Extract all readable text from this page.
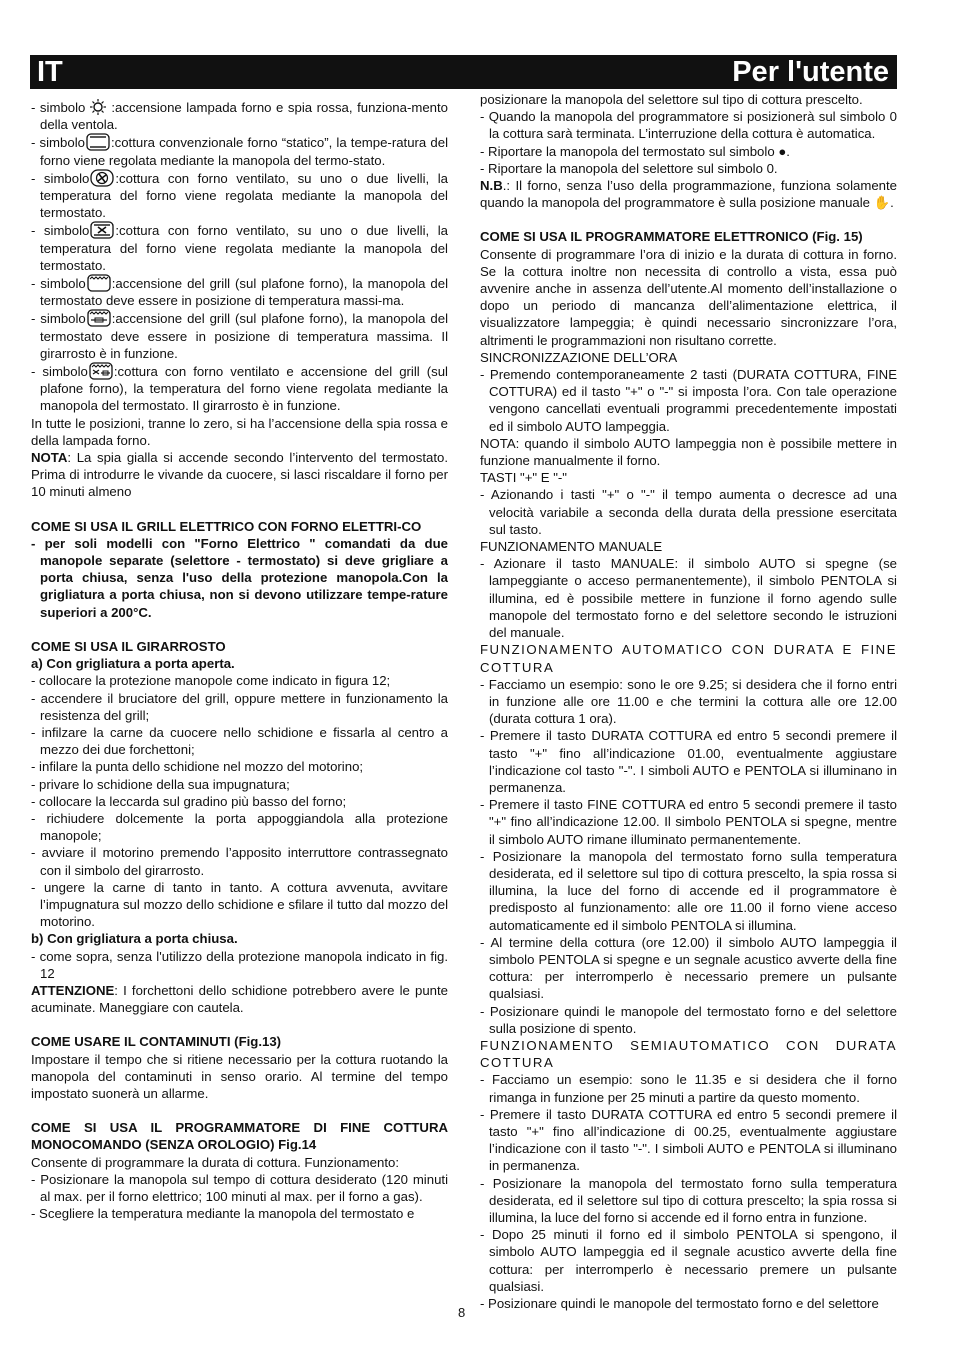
IT	Per l'utente

- simbolo :accensione lampada forno e spia rossa, funziona-mento della ventola.

- simbolo :cottura convenzionale forno “statico”, la tempe-ratura del forno viene regolata mediante la manopola del termo-stato.

- simbolo :cottura con forno ventilato, su uno o due livelli, la temperatura del forno viene regolata mediante la manopola del termostato.

- simbolo :cottura con forno ventilato, su uno o due livelli, la temperatura del forno viene regolata mediante la manopola del termostato.

- simbolo :accensione del grill (sul plafone forno), la manopola del termostato deve essere in posizione di temperatura massi-ma.

- simbolo :accensione del grill (sul plafone forno), la manopola del termostato deve essere in posizione di temperatura massima. Il girarrosto è in funzione.

- simbolo :cottura con forno ventilato e accensione del grill (sul plafone forno), la temperatura del forno viene regolata mediante la manopola del termostato. Il girarrosto è in funzione.

In tutte le posizioni, tranne lo zero, si ha l’accensione della spia rossa e della lampada forno.

NOTA: La spia gialla si accende secondo l’intervento del termostato. Prima di introdurre le vivande da cuocere, si lasci riscaldare il forno per 10 minuti almeno

COME SI USA IL GRILL ELETTRICO CON FORNO ELETTRI-CO

- per soli modelli con "Forno Elettrico " comandati da due manopole separate (selettore - termostato) si deve grigliare a porta chiusa, senza l'uso della protezione manopola.Con la grigliatura a porta chiusa, non si devono utilizzare tempe-rature superiori a 200°C.

COME SI USA IL GIRARROSTO

a) Con grigliatura a porta aperta.

- collocare la protezione manopole come indicato in figura 12;

- accendere il bruciatore del grill, oppure mettere in funzionamento la resistenza del grill;

- infilzare la carne da cuocere nello schidione e fissarla al centro a mezzo dei due forchettoni;

- infilare la punta dello schidione nel mozzo del motorino;

- privare lo schidione della sua impugnatura;

- collocare la leccarda sul gradino più basso del forno;

- richiudere dolcemente la porta appoggiandola alla protezione manopole;

- avviare il motorino premendo l’apposito interruttore contrassegnato con il simbolo del girarrosto.

- ungere la carne di tanto in tanto. A cottura avvenuta, avvitare l’impugnatura sul mozzo dello schidione e sfilare il tutto dal mozzo del motorino.

b) Con grigliatura a porta chiusa.

- come sopra, senza l'utilizzo della protezione manopola indicato in fig. 12

ATTENZIONE: I forchettoni dello schidione potrebbero avere le punte acuminate. Maneggiare con cautela.

COME USARE IL CONTAMINUTI (Fig.13)

Impostare il tempo che si ritiene necessario per la cottura ruotando la manopola del contaminuti in senso orario. Al termine del tempo impostato suonerà un allarme.

COME SI USA IL PROGRAMMATORE DI FINE COTTURA MONOCOMANDO (SENZA OROLOGIO) Fig.14

Consente di programmare la durata di cottura. Funzionamento:

- Posizionare la manopola sul tempo di cottura desiderato (120 minuti al max. per il forno elettrico; 100 minuti al max. per il forno a gas).

- Scegliere la temperatura mediante la manopola del termostato e

posizionare la manopola del selettore sul tipo di cottura prescelto.

- Quando la manopola del programmatore si posizionerà sul simbolo 0 la cottura sarà terminata. L’interruzione della cottura è automatica.

- Riportare la manopola del termostato sul simbolo ●.

- Riportare la manopola del selettore sul simbolo 0.

N.B.: Il forno, senza l’uso della programmazione, funziona solamente quando la manopola del programmatore è sulla posizione manuale ✋.

COME SI USA IL PROGRAMMATORE ELETTRONICO (Fig. 15)

Consente di programmare l’ora di inizio e la durata di cottura in forno. Se la cottura inoltre non necessita di controllo a vista, essa può avvenire anche in assenza dell’utente.Al momento dell’installazione o dopo un periodo di mancanza dell’alimentazione elettrica, il visualizzatore lampeggia; è quindi necessario sincronizzare l’ora, altrimenti le programmazioni non risultano corrette.

SINCRONIZZAZIONE DELL’ORA

- Premendo contemporaneamente 2 tasti (DURATA COTTURA, FINE COTTURA) ed il tasto "+" o "-" si imposta l’ora. Con tale operazione vengono cancellati eventuali programmi precedentemente impostati ed il simbolo AUTO lampeggia.

NOTA: quando il simbolo AUTO lampeggia non è possibile mettere in funzione manualmente il forno.

TASTI "+" E "-"

- Azionando i tasti "+" o "-" il tempo aumenta o decresce ad una velocità variabile a seconda della durata della pressione esercitata sul tasto.

FUNZIONAMENTO MANUALE

- Azionare il tasto MANUALE: il simbolo AUTO si spegne (se lampeggiante o acceso permanentemente), il simbolo PENTOLA si illumina, ed è possibile mettere in funzione il forno agendo sulle manopole del termostato forno e del selettore secondo le istruzioni del manuale.

FUNZIONAMENTO AUTOMATICO CON DURATA E FINE COTTURA

- Facciamo un esempio: sono le ore 9.25; si desidera che il forno entri in funzione alle ore 11.00 e che termini la cottura alle ore 12.00 (durata cottura 1 ora).

- Premere il tasto DURATA COTTURA ed entro 5 secondi premere il tasto "+" fino all’indicazione 01.00, eventualmente aggiustare l’indicazione col tasto "-". I simboli AUTO e PENTOLA si illuminano in permanenza.

- Premere il tasto FINE COTTURA ed entro 5 secondi premere il tasto "+" fino all’indicazione 12.00. Il simbolo PENTOLA si spegne, mentre il simbolo AUTO rimane illuminato permanentemente.

- Posizionare la manopola del termostato forno sulla temperatura desiderata, ed il selettore sul tipo di cottura prescelto, la spia rossa si illumina, la luce del forno di accende ed il programmatore è predisposto al funzionamento: alle ore 11.00 il forno viene acceso automaticamente ed il simbolo PENTOLA si illumina.

- Al termine della cottura (ore 12.00) il simbolo AUTO lampeggia il simbolo PENTOLA si spegne e un segnale acustico avverte della fine cottura: per interromperlo è necessario premere un pulsante qualsiasi.

- Posizionare quindi le manopole del termostato forno e del selettore sulla posizione di spento.

FUNZIONAMENTO SEMIAUTOMATICO CON DURATA COTTURA

- Facciamo un esempio: sono le 11.35 e si desidera che il forno rimanga in funzione per 25 minuti a partire da questo momento.

- Premere il tasto DURATA COTTURA ed entro 5 secondi premere il tasto "+" fino all’indicazione di 00.25, eventualmente aggiustare l’indicazione con il tasto "-". I simboli AUTO e PENTOLA si illuminano in permanenza.

- Posizionare la manopola del termostato forno sulla temperatura desiderata, ed il selettore sul tipo di cottura prescelto; la spia rossa si illumina, la luce del forno si accende ed il forno entra in funzione.

- Dopo 25 minuti il forno ed il simbolo PENTOLA si spengono, il simbolo AUTO lampeggia ed il segnale acustico avverte della fine cottura: per interromperlo è necessario premere un pulsante qualsiasi.

- Posizionare quindi le manopole del termostato forno e del selettore

8
